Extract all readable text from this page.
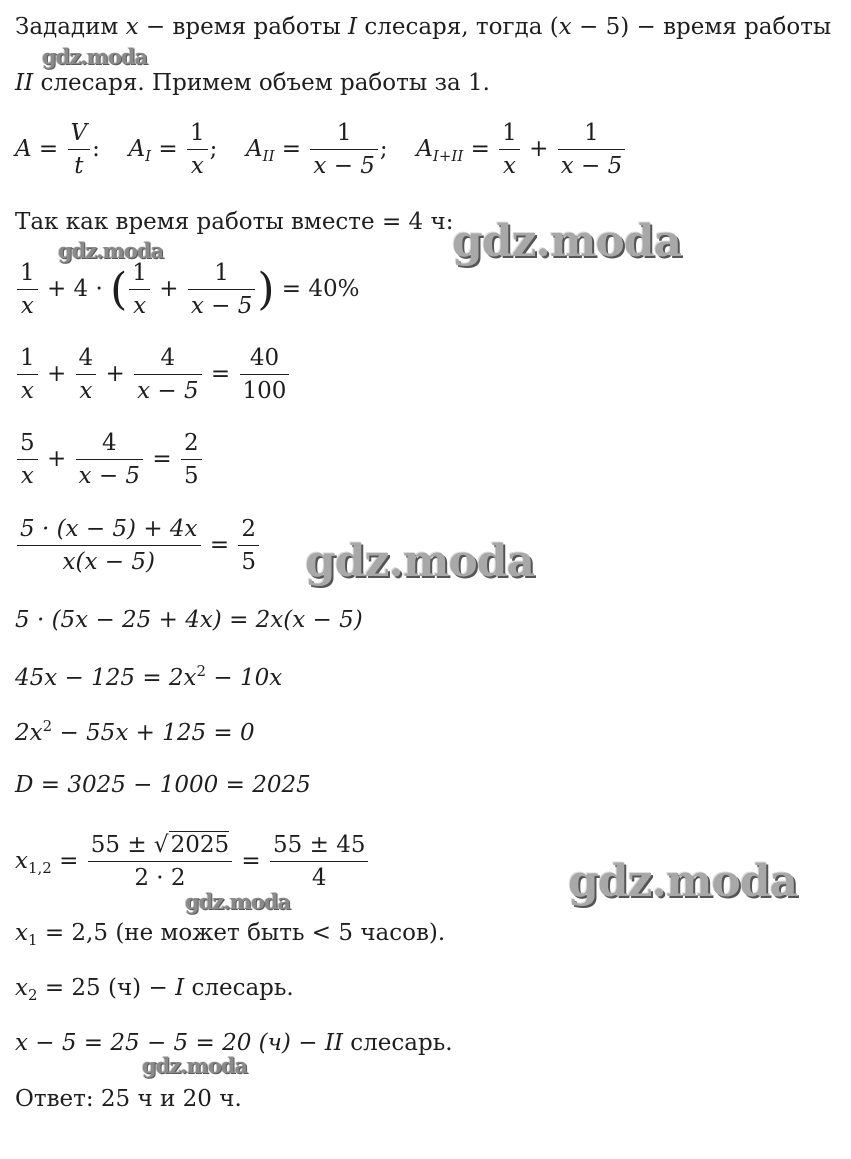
gdz.moda
gdz.moda
gdz.moda
gdz.moda
gdz.moda
gdz.moda
gdz.moda
Зададим x − время работы I слесаря, тогда (x − 5) − время работы
II слесаря. Примем объем работы за 1.
$A = \frac{V}{t}$ : $A_I = \frac{1}{x}$ ; $A_{II} = \frac{1}{x - 5}$ ; $A_{I+II} = \frac{1}{x} + \frac{1}{x - 5}$
Так как время работы вместе = 4 ч:
$\frac{1}{x} + 4$ · ( $\frac{1}{x} + \frac{1}{x - 5}$ ) = 40%
$\frac{1}{x} + \frac{4}{x} + \frac{4}{x - 5} = \frac{40}{100}$
$\frac{5}{x} + \frac{4}{x - 5} = \frac{2}{5}$
$\frac{5 \cdot (x - 5) + 4x}{x(x - 5)} = \frac{2}{5}$
5 · (5x − 25 + 4x) = 2x(x − 5)
$45x - 125 = 2x^2 - 10x$
$2x^2 - 55x + 125 = 0$
D = 3025 − 1000 = 2025
$x_{1,2} = \frac{55 \pm √2025}{2 \cdot 2} = \frac{55 \pm 45}{4}$
$x_1 = 2,5$ (не может быть < 5 часов).
$x_2 = 25$ (ч) − I слесарь.
x − 5 = 25 − 5 = 20 (ч) − II слесарь.
Ответ: 25 ч и 20 ч.
